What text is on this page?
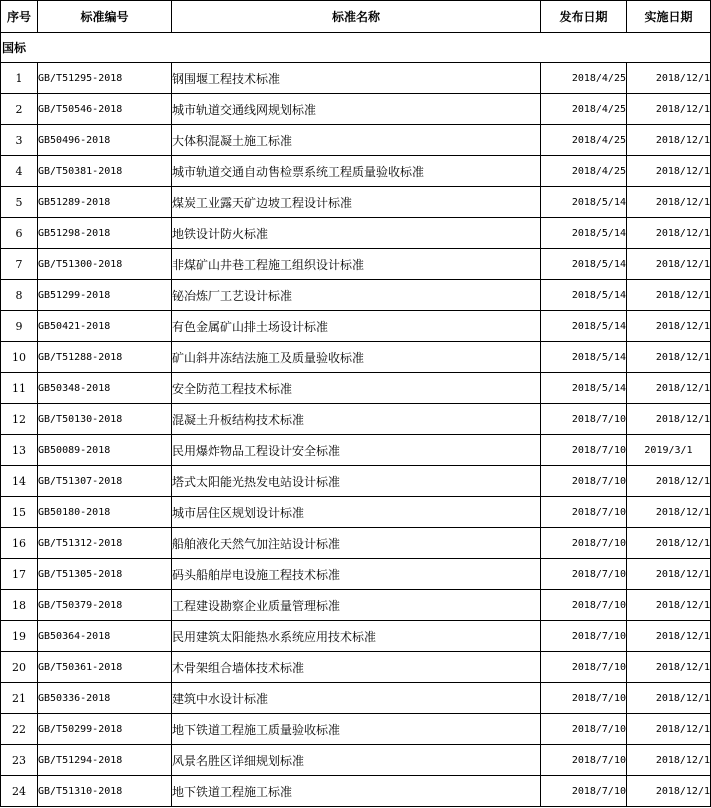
序号	标准编号	标准名称	发布日期	实施日期
国标				
1	GB/T51295-2018	钢围堰工程技术标准	2018/4/25	2018/12/1
2	GB/T50546-2018	城市轨道交通线网规划标准	2018/4/25	2018/12/1
3	GB50496-2018	大体积混凝土施工标准	2018/4/25	2018/12/1
4	GB/T50381-2018	城市轨道交通自动售检票系统工程质量验收标准	2018/4/25	2018/12/1
5	GB51289-2018	煤炭工业露天矿边坡工程设计标准	2018/5/14	2018/12/1
6	GB51298-2018	地铁设计防火标准	2018/5/14	2018/12/1
7	GB/T51300-2018	非煤矿山井巷工程施工组织设计标准	2018/5/14	2018/12/1
8	GB51299-2018	铋冶炼厂工艺设计标准	2018/5/14	2018/12/1
9	GB50421-2018	有色金属矿山排土场设计标准	2018/5/14	2018/12/1
10	GB/T51288-2018	矿山斜井冻结法施工及质量验收标准	2018/5/14	2018/12/1
11	GB50348-2018	安全防范工程技术标准	2018/5/14	2018/12/1
12	GB/T50130-2018	混凝土升板结构技术标准	2018/7/10	2018/12/1
13	GB50089-2018	民用爆炸物品工程设计安全标准	2018/7/10	2019/3/1
14	GB/T51307-2018	塔式太阳能光热发电站设计标准	2018/7/10	2018/12/1
15	GB50180-2018	城市居住区规划设计标准	2018/7/10	2018/12/1
16	GB/T51312-2018	船舶液化天然气加注站设计标准	2018/7/10	2018/12/1
17	GB/T51305-2018	码头船舶岸电设施工程技术标准	2018/7/10	2018/12/1
18	GB/T50379-2018	工程建设勘察企业质量管理标准	2018/7/10	2018/12/1
19	GB50364-2018	民用建筑太阳能热水系统应用技术标准	2018/7/10	2018/12/1
20	GB/T50361-2018	木骨架组合墙体技术标准	2018/7/10	2018/12/1
21	GB50336-2018	建筑中水设计标准	2018/7/10	2018/12/1
22	GB/T50299-2018	地下铁道工程施工质量验收标准	2018/7/10	2018/12/1
23	GB/T51294-2018	风景名胜区详细规划标准	2018/7/10	2018/12/1
24	GB/T51310-2018	地下铁道工程施工标准	2018/7/10	2018/12/1
